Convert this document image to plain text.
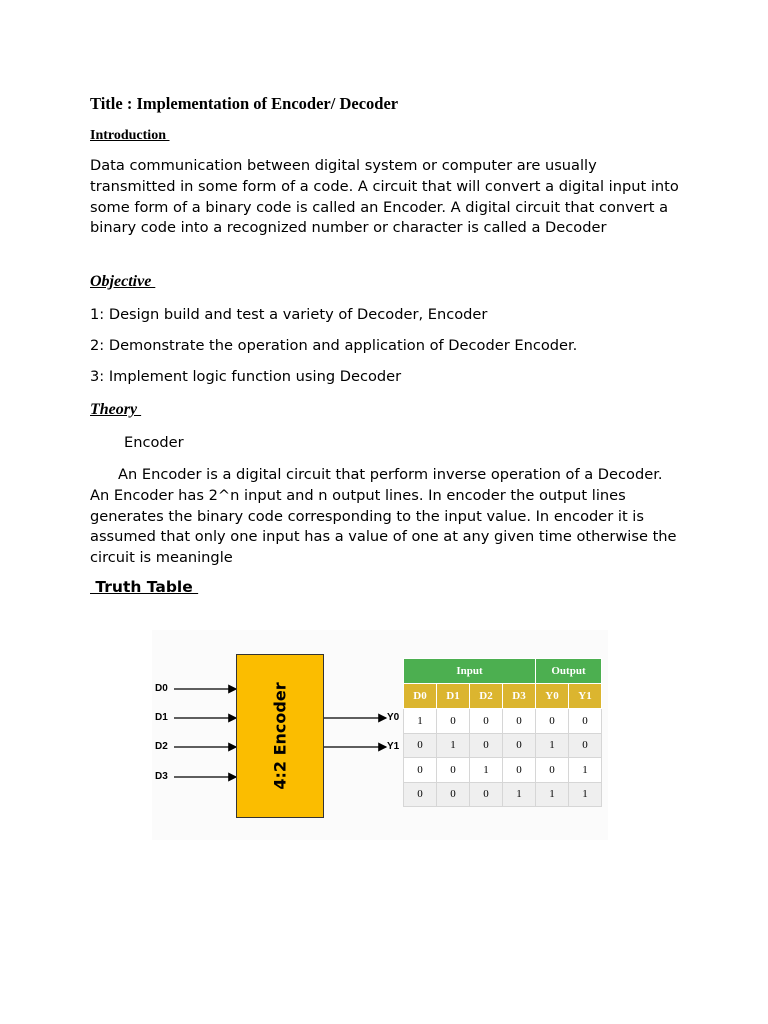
Title : Implementation of Encoder/ Decoder
Introduction
Data communication between digital system or computer are usually transmitted in some form of a code. A circuit that will convert a digital input into some form of a binary code is called an Encoder. A digital circuit that convert a binary code into a recognized number or character is called a Decoder
Objective
1: Design build and test a variety of Decoder, Encoder
2: Demonstrate the operation and application of Decoder Encoder.
3: Implement logic function using Decoder
Theory
Encoder
An Encoder is a digital circuit that perform inverse operation of a Decoder. An Encoder has 2^n input and n output lines. In encoder the output lines generates the binary code corresponding to the input value. In encoder it is assumed that only one input has a value of one at any given time otherwise the circuit is meaningle
Truth Table
D0
D1
D2
D3
Y0
Y1
4:2 Encoder
Input				Output	
D0	D1	D2	D3	Y0	Y1
1	0	0	0	0	0
0	1	0	0	1	0
0	0	1	0	0	1
0	0	0	1	1	1
